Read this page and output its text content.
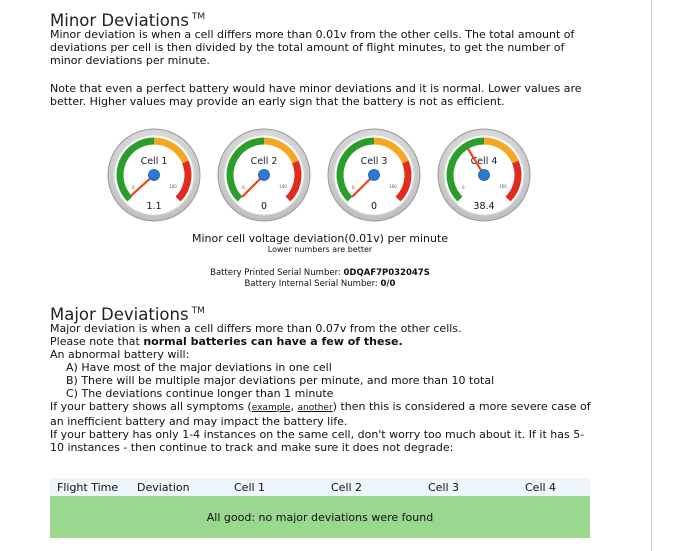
Minor Deviations ™

Minor deviation is when a cell differs more than 0.01v from the other cells. The total amount of deviations per cell is then divided by the total amount of flight minutes, to get the number of minor deviations per minute.

Note that even a perfect battery would have minor deviations and it is normal. Lower values are better. Higher values may provide an early sign that the battery is not as efficient.

Cell 1
0	100
1.1
Cell 2
0	100
0
Cell 3
0	100
0
Cell 4
0	100
38.4
Minor cell voltage deviation(0.01v) per minute
Lower numbers are better
Battery Printed Serial Number: 0DQAF7P032047S
Battery Internal Serial Number: 0/0
Major Deviations ™
Major deviation is when a cell differs more than 0.07v from the other cells.
Please note that normal batteries can have a few of these.
An abnormal battery will:
A) Have most of the major deviations in one cell
B) There will be multiple major deviations per minute, and more than 10 total
C) The deviations continue longer than 1 minute
If your battery shows all symptoms (example, another) then this is considered a more severe case of an inefficient battery and may impact the battery life.
If your battery has only 1-4 instances on the same cell, don't worry too much about it. If it has 5-10 instances - then continue to track and make sure it does not degrade:
Flight Time Deviation	Cell 1	Cell 2	Cell 3	Cell 4
All good: no major deviations were found
